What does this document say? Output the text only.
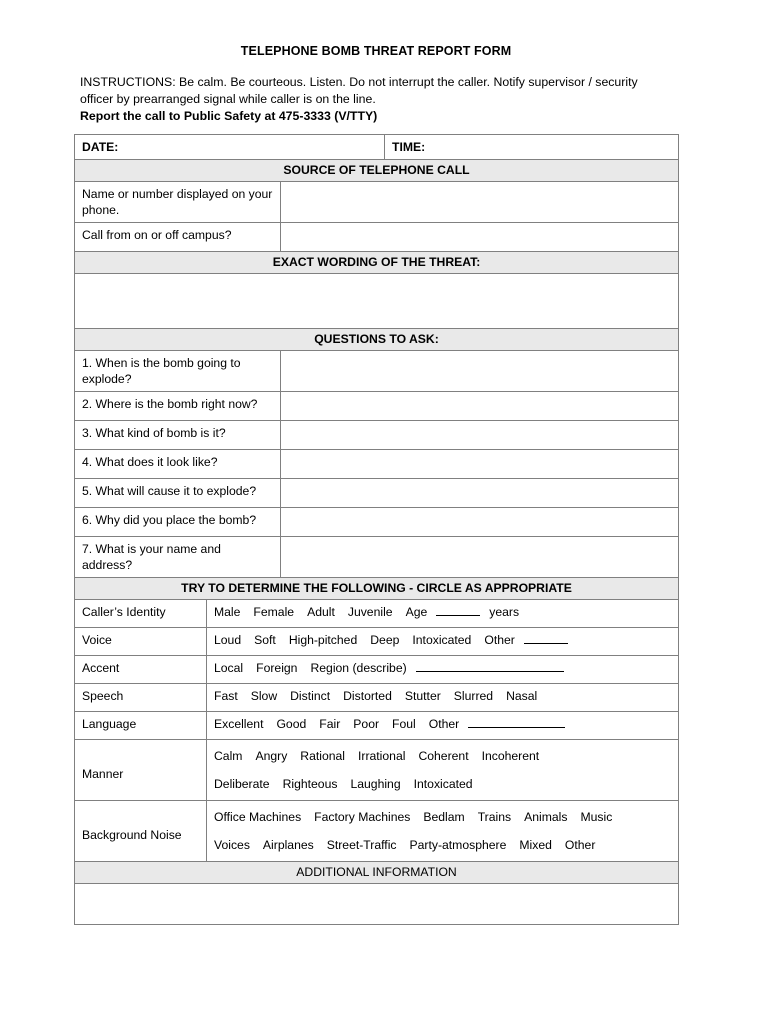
TELEPHONE BOMB THREAT REPORT FORM
INSTRUCTIONS: Be calm. Be courteous. Listen. Do not interrupt the caller. Notify supervisor / security
officer by prearranged signal while caller is on the line.
Report the call to Public Safety at 475-3333 (V/TTY)
DATE:			TIME:

SOURCE OF TELEPHONE CALL			

Name or number displayed on your phone.			

Call from on or off campus?			

EXACT WORDING OF THE THREAT:			

QUESTIONS TO ASK:			

1. When is the bomb going to explode?			

2. Where is the bomb right now?			

3. What kind of bomb is it?			

4. What does it look like?			

5. What will cause it to explode?			

6. Why did you place the bomb?			

7. What is your name and address?			

TRY TO DETERMINE THE FOLLOWING - CIRCLE AS APPROPRIATE			

Caller’s Identity	Male Female Adult Juvenile Age years		

Voice	Loud Soft High-pitched Deep Intoxicated Other		

Accent	Local Foreign Region (describe)		

Speech	Fast Slow Distinct Distorted Stutter Slurred Nasal		

Language	Excellent Good Fair Poor Foul Other		

Manner	Calm Angry Rational Irrational Coherent Incoherent
Deliberate Righteous Laughing Intoxicated		

Background Noise	Office Machines Factory Machines Bedlam Trains Animals Music
Voices Airplanes Street-Traffic Party-atmosphere Mixed Other		

ADDITIONAL INFORMATION			
